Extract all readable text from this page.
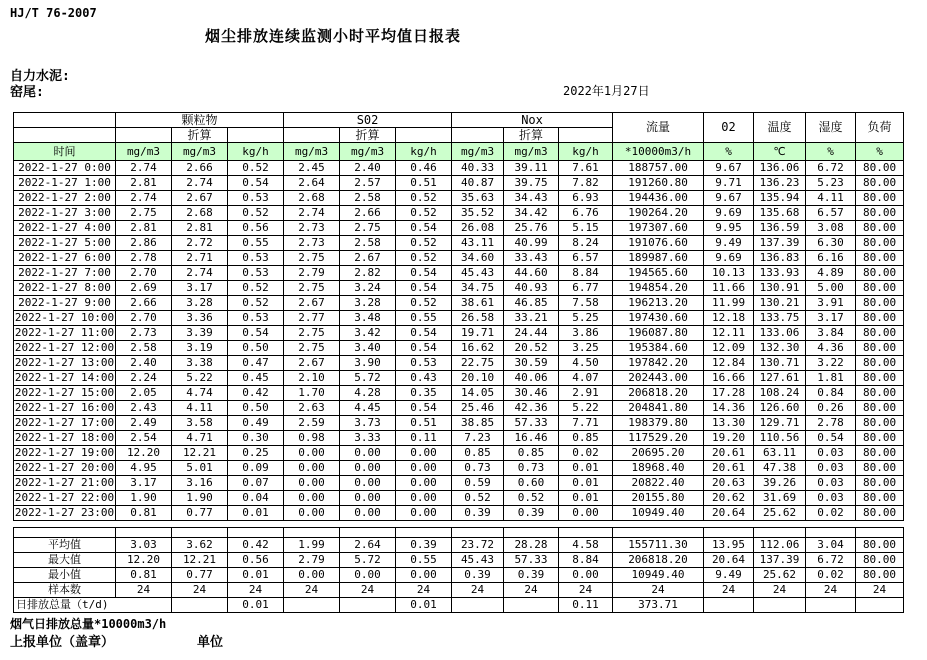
HJ/T 76-2007
烟尘排放连续监测小时平均值日报表
自力水泥:
窑尾:	2022年1月27日
	颗粒物			S02			Nox			流量	02	温度	湿度	负荷
		折算			折算			折算						
时间	mg/m3	mg/m3	kg/h	mg/m3	mg/m3	kg/h	mg/m3	mg/m3	kg/h	*10000m3/h	%	℃	%	%
2022-1-27 0:00	2.74	2.66	0.52	2.45	2.40	0.46	40.33	39.11	7.61	188757.00	9.67	136.06	6.72	80.00
2022-1-27 1:00	2.81	2.74	0.54	2.64	2.57	0.51	40.87	39.75	7.82	191260.80	9.71	136.23	5.23	80.00
2022-1-27 2:00	2.74	2.67	0.53	2.68	2.58	0.52	35.63	34.43	6.93	194436.00	9.67	135.94	4.11	80.00
2022-1-27 3:00	2.75	2.68	0.52	2.74	2.66	0.52	35.52	34.42	6.76	190264.20	9.69	135.68	6.57	80.00
2022-1-27 4:00	2.81	2.81	0.56	2.73	2.75	0.54	26.08	25.76	5.15	197307.60	9.95	136.59	3.08	80.00
2022-1-27 5:00	2.86	2.72	0.55	2.73	2.58	0.52	43.11	40.99	8.24	191076.60	9.49	137.39	6.30	80.00
2022-1-27 6:00	2.78	2.71	0.53	2.75	2.67	0.52	34.60	33.43	6.57	189987.60	9.69	136.83	6.16	80.00
2022-1-27 7:00	2.70	2.74	0.53	2.79	2.82	0.54	45.43	44.60	8.84	194565.60	10.13	133.93	4.89	80.00
2022-1-27 8:00	2.69	3.17	0.52	2.75	3.24	0.54	34.75	40.93	6.77	194854.20	11.66	130.91	5.00	80.00
2022-1-27 9:00	2.66	3.28	0.52	2.67	3.28	0.52	38.61	46.85	7.58	196213.20	11.99	130.21	3.91	80.00
2022-1-27 10:00	2.70	3.36	0.53	2.77	3.48	0.55	26.58	33.21	5.25	197430.60	12.18	133.75	3.17	80.00
2022-1-27 11:00	2.73	3.39	0.54	2.75	3.42	0.54	19.71	24.44	3.86	196087.80	12.11	133.06	3.84	80.00
2022-1-27 12:00	2.58	3.19	0.50	2.75	3.40	0.54	16.62	20.52	3.25	195384.60	12.09	132.30	4.36	80.00
2022-1-27 13:00	2.40	3.38	0.47	2.67	3.90	0.53	22.75	30.59	4.50	197842.20	12.84	130.71	3.22	80.00
2022-1-27 14:00	2.24	5.22	0.45	2.10	5.72	0.43	20.10	40.06	4.07	202443.00	16.66	127.61	1.81	80.00
2022-1-27 15:00	2.05	4.74	0.42	1.70	4.28	0.35	14.05	30.46	2.91	206818.20	17.28	108.24	0.84	80.00
2022-1-27 16:00	2.43	4.11	0.50	2.63	4.45	0.54	25.46	42.36	5.22	204841.80	14.36	126.60	0.26	80.00
2022-1-27 17:00	2.49	3.58	0.49	2.59	3.73	0.51	38.85	57.33	7.71	198379.80	13.30	129.71	2.78	80.00
2022-1-27 18:00	2.54	4.71	0.30	0.98	3.33	0.11	7.23	16.46	0.85	117529.20	19.20	110.56	0.54	80.00
2022-1-27 19:00	12.20	12.21	0.25	0.00	0.00	0.00	0.85	0.85	0.02	20695.20	20.61	63.11	0.03	80.00
2022-1-27 20:00	4.95	5.01	0.09	0.00	0.00	0.00	0.73	0.73	0.01	18968.40	20.61	47.38	0.03	80.00
2022-1-27 21:00	3.17	3.16	0.07	0.00	0.00	0.00	0.59	0.60	0.01	20822.40	20.63	39.26	0.03	80.00
2022-1-27 22:00	1.90	1.90	0.04	0.00	0.00	0.00	0.52	0.52	0.01	20155.80	20.62	31.69	0.03	80.00
2022-1-27 23:00	0.81	0.77	0.01	0.00	0.00	0.00	0.39	0.39	0.00	10949.40	20.64	25.62	0.02	80.00

平均值	3.03	3.62	0.42	1.99	2.64	0.39	23.72	28.28	4.58	155711.30	13.95	112.06	3.04	80.00
最大值	12.20	12.21	0.56	2.79	5.72	0.55	45.43	57.33	8.84	206818.20	20.64	137.39	6.72	80.00
最小值	0.81	0.77	0.01	0.00	0.00	0.00	0.39	0.39	0.00	10949.40	9.49	25.62	0.02	80.00
样本数	24	24	24	24	24	24	24	24	24	24	24	24	24	24
日排放总量（t/d)			0.01			0.01			0.11	373.71				
烟气日排放总量*10000m3/h
上报单位（盖章）	单位
